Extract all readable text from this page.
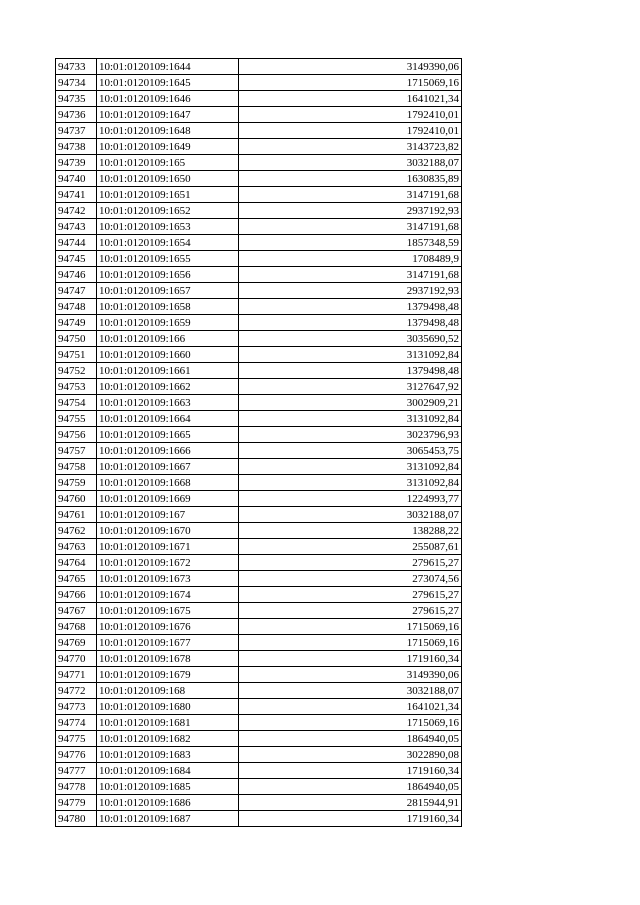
94733	10:01:0120109:1644	3149390,06
94734	10:01:0120109:1645	1715069,16
94735	10:01:0120109:1646	1641021,34
94736	10:01:0120109:1647	1792410,01
94737	10:01:0120109:1648	1792410,01
94738	10:01:0120109:1649	3143723,82
94739	10:01:0120109:165	3032188,07
94740	10:01:0120109:1650	1630835,89
94741	10:01:0120109:1651	3147191,68
94742	10:01:0120109:1652	2937192,93
94743	10:01:0120109:1653	3147191,68
94744	10:01:0120109:1654	1857348,59
94745	10:01:0120109:1655	1708489,9
94746	10:01:0120109:1656	3147191,68
94747	10:01:0120109:1657	2937192,93
94748	10:01:0120109:1658	1379498,48
94749	10:01:0120109:1659	1379498,48
94750	10:01:0120109:166	3035690,52
94751	10:01:0120109:1660	3131092,84
94752	10:01:0120109:1661	1379498,48
94753	10:01:0120109:1662	3127647,92
94754	10:01:0120109:1663	3002909,21
94755	10:01:0120109:1664	3131092,84
94756	10:01:0120109:1665	3023796,93
94757	10:01:0120109:1666	3065453,75
94758	10:01:0120109:1667	3131092,84
94759	10:01:0120109:1668	3131092,84
94760	10:01:0120109:1669	1224993,77
94761	10:01:0120109:167	3032188,07
94762	10:01:0120109:1670	138288,22
94763	10:01:0120109:1671	255087,61
94764	10:01:0120109:1672	279615,27
94765	10:01:0120109:1673	273074,56
94766	10:01:0120109:1674	279615,27
94767	10:01:0120109:1675	279615,27
94768	10:01:0120109:1676	1715069,16
94769	10:01:0120109:1677	1715069,16
94770	10:01:0120109:1678	1719160,34
94771	10:01:0120109:1679	3149390,06
94772	10:01:0120109:168	3032188,07
94773	10:01:0120109:1680	1641021,34
94774	10:01:0120109:1681	1715069,16
94775	10:01:0120109:1682	1864940,05
94776	10:01:0120109:1683	3022890,08
94777	10:01:0120109:1684	1719160,34
94778	10:01:0120109:1685	1864940,05
94779	10:01:0120109:1686	2815944,91
94780	10:01:0120109:1687	1719160,34
